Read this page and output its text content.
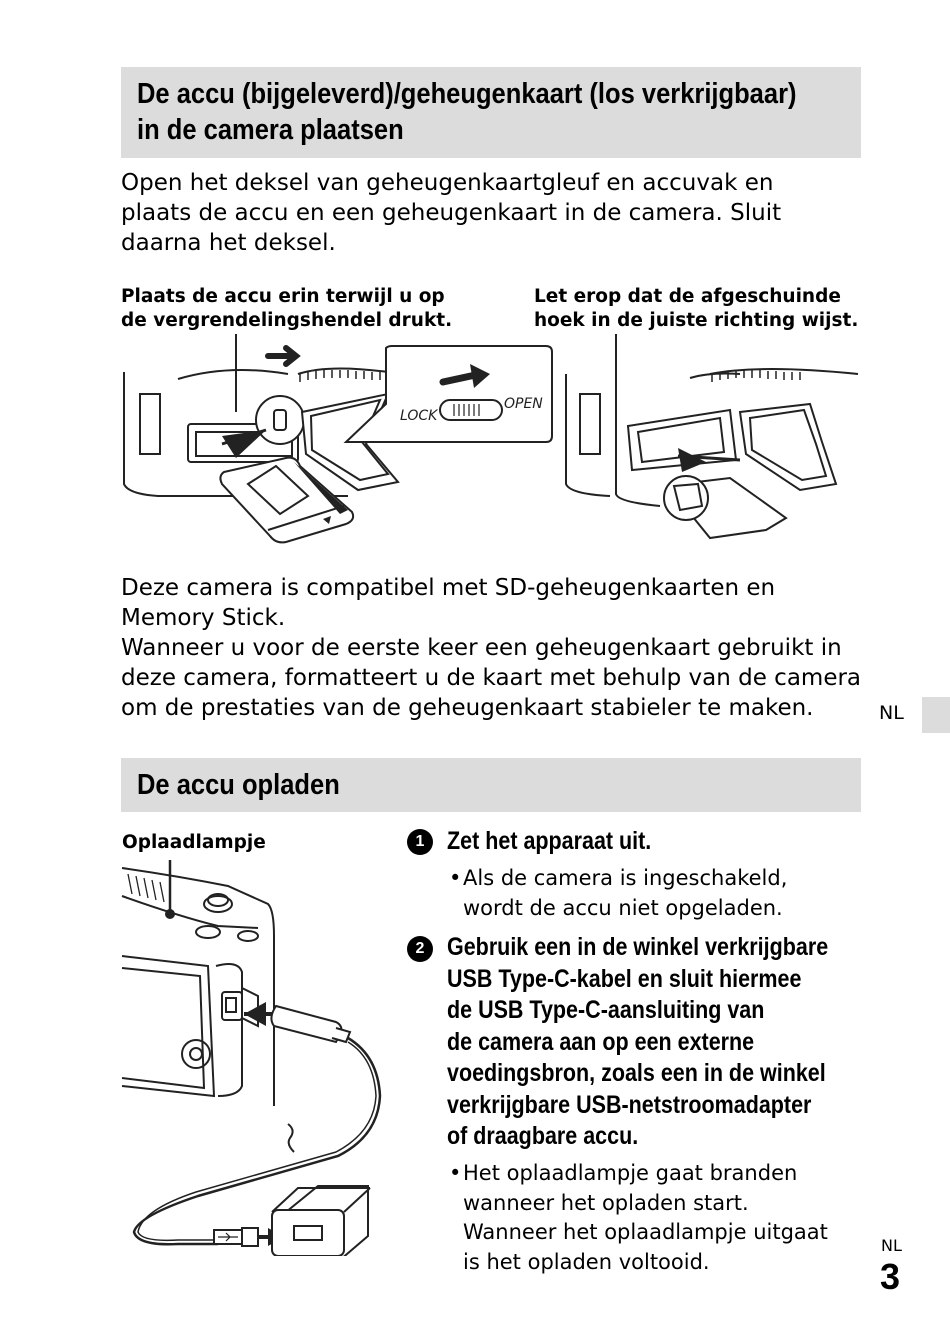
De accu (bijgeleverd)/geheugenkaart (los verkrijgbaar)
in de camera plaatsen
Open het deksel van geheugenkaartgleuf en accuvak en
plaats de accu en een geheugenkaart in de camera. Sluit
daarna het deksel.
Plaats de accu erin terwijl u op
de vergrendelingshendel drukt.
Let erop dat de afgeschuinde
hoek in de juiste richting wijst.
LOCK
OPEN
Deze camera is compatibel met SD-geheugenkaarten en
Memory Stick.
Wanneer u voor de eerste keer een geheugenkaart gebruikt in
deze camera, formatteert u de kaart met behulp van de camera
om de prestaties van de geheugenkaart stabieler te maken.	NL
De accu opladen
Oplaadlampje	1 Zet het apparaat uit.
• Als de camera is ingeschakeld,
wordt de accu niet opgeladen.
2 Gebruik een in de winkel verkrijgbare
USB Type-C-kabel en sluit hiermee
de USB Type-C-aansluiting van
de camera aan op een externe
voedingsbron, zoals een in de winkel
verkrijgbare USB-netstroomadapter
of draagbare accu.
• Het oplaadlampje gaat branden
wanneer het opladen start.
Wanneer het oplaadlampje uitgaat
is het opladen voltooid.
NL
3
